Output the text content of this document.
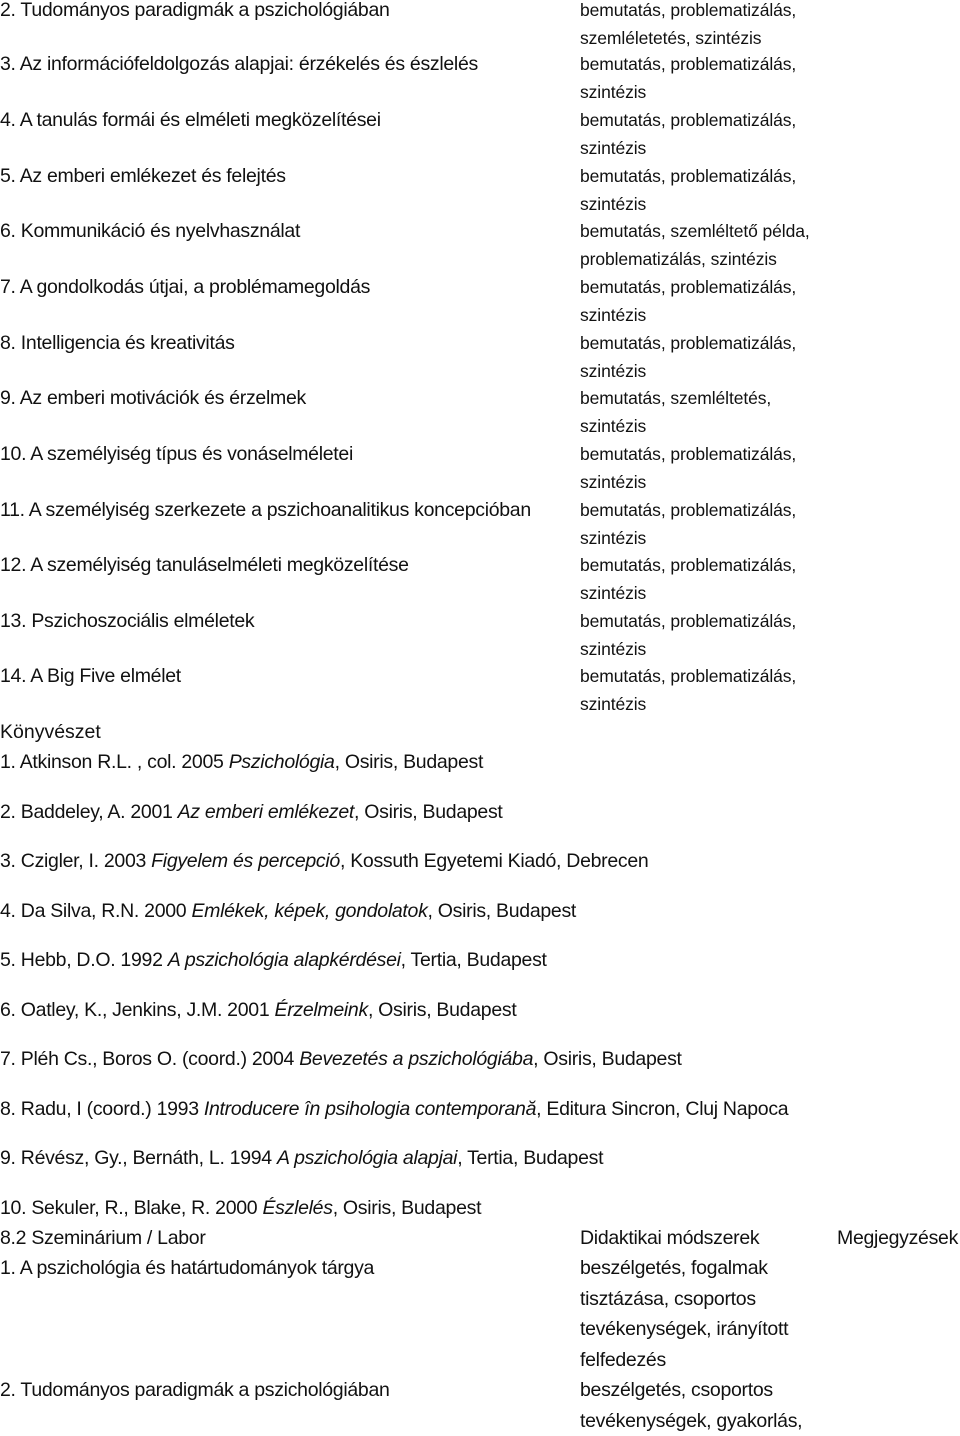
2. Tudományos paradigmák a pszichológiában	bemutatás, problematizálás, szemléletetés, szintézis
3. Az információfeldolgozás alapjai: érzékelés és észlelés	bemutatás, problematizálás, szintézis
4. A tanulás formái és elméleti megközelítései	bemutatás, problematizálás, szintézis
5. Az emberi emlékezet és felejtés	bemutatás, problematizálás, szintézis
6. Kommunikáció és nyelvhasználat	bemutatás, szemléltető példa, problematizálás, szintézis
7. A gondolkodás útjai, a problémamegoldás	bemutatás, problematizálás, szintézis
8. Intelligencia és kreativitás	bemutatás, problematizálás, szintézis
9. Az emberi motivációk és érzelmek	bemutatás, szemléltetés, szintézis
10. A személyiség típus és vonáselméletei	bemutatás, problematizálás, szintézis
11. A személyiség szerkezete a pszichoanalitikus koncepcióban	bemutatás, problematizálás, szintézis
12. A személyiség tanuláselméleti megközelítése	bemutatás, problematizálás, szintézis
13. Pszichoszociális elméletek	bemutatás, problematizálás, szintézis
14. A Big Five elmélet	bemutatás, problematizálás, szintézis
Könyvészet
1. Atkinson R.L. , col. 2005 Pszichológia, Osiris, Budapest
2. Baddeley, A. 2001 Az emberi emlékezet, Osiris, Budapest
3. Czigler, I. 2003 Figyelem és percepció, Kossuth Egyetemi Kiadó, Debrecen
4. Da Silva, R.N. 2000 Emlékek, képek, gondolatok, Osiris, Budapest
5. Hebb, D.O. 1992 A pszichológia alapkérdései, Tertia, Budapest
6. Oatley, K., Jenkins, J.M. 2001 Érzelmeink, Osiris, Budapest
7. Pléh Cs., Boros O. (coord.) 2004 Bevezetés a pszichológiába, Osiris, Budapest
8. Radu, I (coord.) 1993 Introducere în psihologia contemporană, Editura Sincron, Cluj Napoca
9. Révész, Gy., Bernáth, L. 1994 A pszichológia alapjai, Tertia, Budapest
10. Sekuler, R., Blake, R. 2000 Észlelés, Osiris, Budapest
8.2 Szeminárium / Labor	Didaktikai módszerek	Megjegyzések
1. A pszichológia és határtudományok tárgya	beszélgetés, fogalmak tisztázása, csoportos tevékenységek, irányított felfedezés
2. Tudományos paradigmák a pszichológiában	beszélgetés, csoportos tevékenységek, gyakorlás,
